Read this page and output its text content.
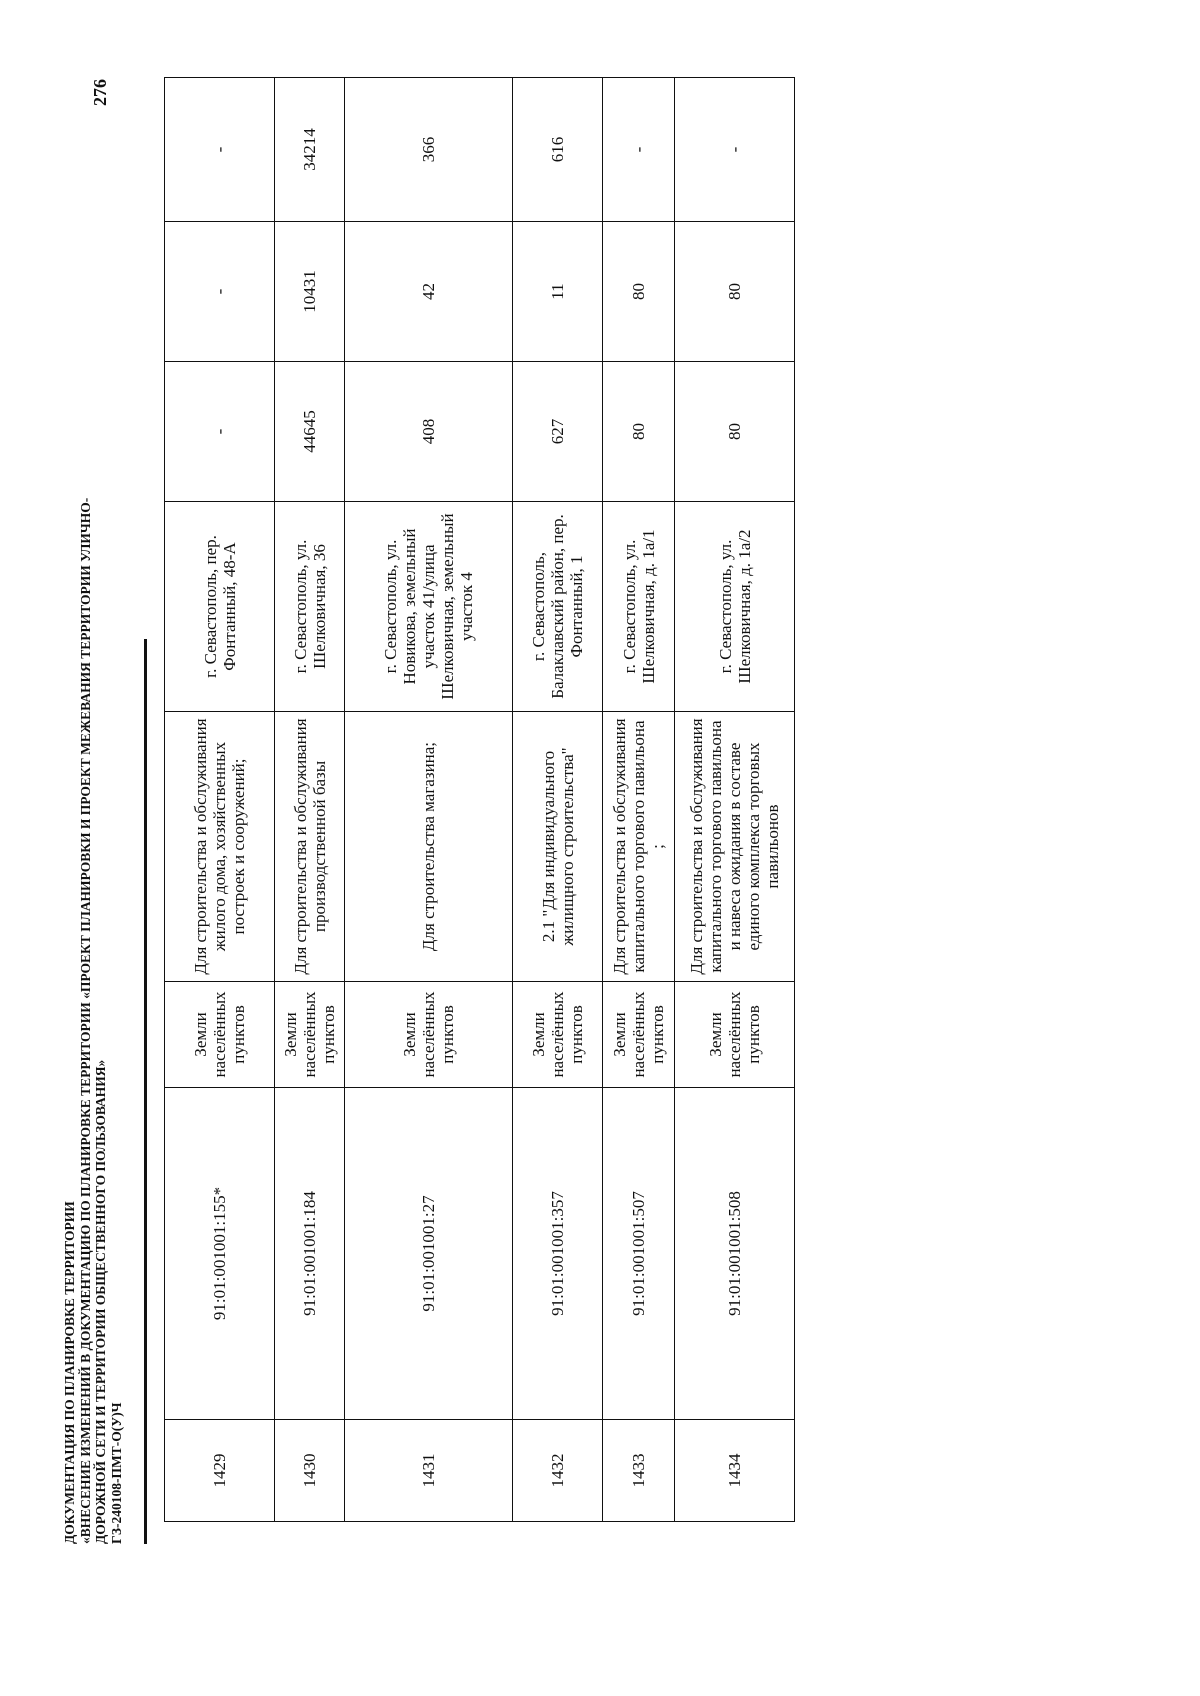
ДОКУМЕНТАЦИЯ ПО ПЛАНИРОВКЕ ТЕРРИТОРИИ «ВНЕСЕНИЕ ИЗМЕНЕНИЙ В ДОКУМЕНТАЦИЮ ПО ПЛАНИРОВКЕ ТЕРРИТОРИИ «ПРОЕКТ ПЛАНИРОВКИ И ПРОЕКТ МЕЖЕВАНИЯ ТЕРРИТОРИИ УЛИЧНО- ДОРОЖНОЙ СЕТИ И ТЕРРИТОРИИ ОБЩЕСТВЕННОГО ПОЛЬЗОВАНИЯ» ГЗ-240108-ПМТ-О(У)Ч
276
1429	91:01:001001:155*	Земли населённых пунктов	Для строительства и обслуживания жилого дома, хозяйственных построек и сооружений;	г. Севастополь, пер. Фонтанный, 48-А	-	-	-
1430	91:01:001001:184	Земли населённых пунктов	Для строительства и обслуживания производственной базы	г. Севастополь, ул. Шелковичная, 36	44645	10431	34214
1431	91:01:001001:27	Земли населённых пунктов	Для строительства магазина;	г. Севастополь, ул. Новикова, земельный участок 41/улица Шелковичная, земельный участок 4	408	42	366
1432	91:01:001001:357	Земли населённых пунктов	2.1 "Для индивидуального жилищного строительства"	г. Севастополь, Балаклавский район, пер. Фонтанный, 1	627	11	616
1433	91:01:001001:507	Земли населённых пунктов	Для строительства и обслуживания капитального торгового павильона ;	г. Севастополь, ул. Шелковичная, д. 1а/1	80	80	-
1434	91:01:001001:508	Земли населённых пунктов	Для строительства и обслуживания капитального торгового павильона и навеса ожидания в составе единого комплекса торговых павильонов	г. Севастополь, ул. Шелковичная, д. 1а/2	80	80	-
